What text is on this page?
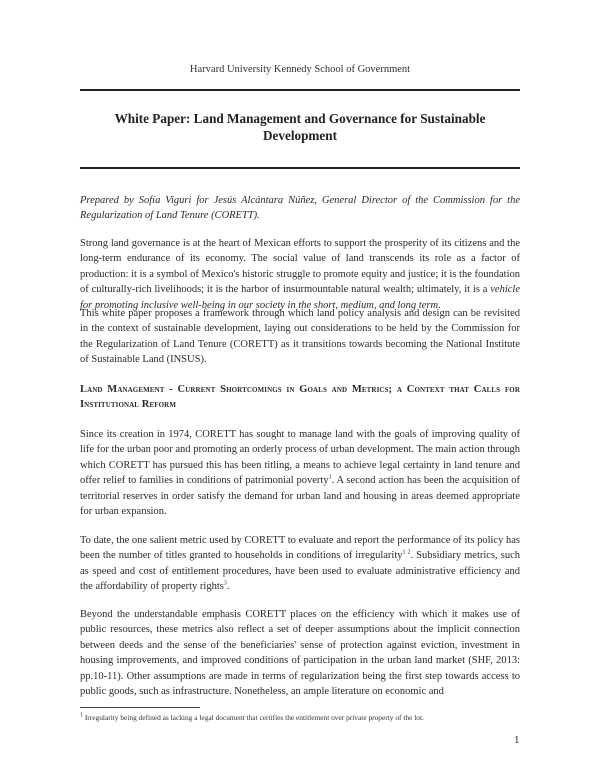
Harvard University Kennedy School of Government
White Paper: Land Management and Governance for Sustainable Development

Prepared by Sofía Viguri for Jesús Alcántara Núñez, General Director of the Commission for the Regularization of Land Tenure (CORETT).

Strong land governance is at the heart of Mexican efforts to support the prosperity of its citizens and the long-term endurance of its economy. The social value of land transcends its role as a factor of production: it is a symbol of Mexico's historic struggle to promote equity and justice; it is the foundation of culturally-rich livelihoods; it is the harbor of insurmountable natural wealth; ultimately, it is a vehicle for promoting inclusive well-being in our society in the short, medium, and long term.

This white paper proposes a framework through which land policy analysis and design can be revisited in the context of sustainable development, laying out considerations to be held by the Commission for the Regularization of Land Tenure (CORETT) as it transitions towards becoming the National Institute of Sustainable Land (INSUS).

Land Management - Current Shortcomings in Goals and Metrics; a Context that Calls for Institutional Reform

Since its creation in 1974, CORETT has sought to manage land with the goals of improving quality of life for the urban poor and promoting an orderly process of urban development. The main action through which CORETT has pursued this has been titling, a means to achieve legal certainty in land tenure and offer relief to families in conditions of patrimonial poverty$^1$. A second action has been the acquisition of territorial reserves in order satisfy the demand for urban land and housing in areas deemed appropriate for urban expansion.

To date, the one salient metric used by CORETT to evaluate and report the performance of its policy has been the number of titles granted to households in conditions of irregularity$^{1 2}$. Subsidiary metrics, such as speed and cost of entitlement procedures, have been used to evaluate administrative efficiency and the affordability of property rights$^3$.

Beyond the understandable emphasis CORETT places on the efficiency with which it makes use of public resources, these metrics also reflect a set of deeper assumptions about the implicit connection between deeds and the sense of the beneficiaries' sense of protection against eviction, investment in housing improvements, and improved conditions of participation in the urban land market (SHF, 2013: pp.10-11). Other assumptions are made in terms of regularization being the first step towards access to public goods, such as infrastructure. Nonetheless, an ample literature on economic and

$^1$ Irregularity being defined as lacking a legal document that certifies the entitlement over private property of the lot.
1
